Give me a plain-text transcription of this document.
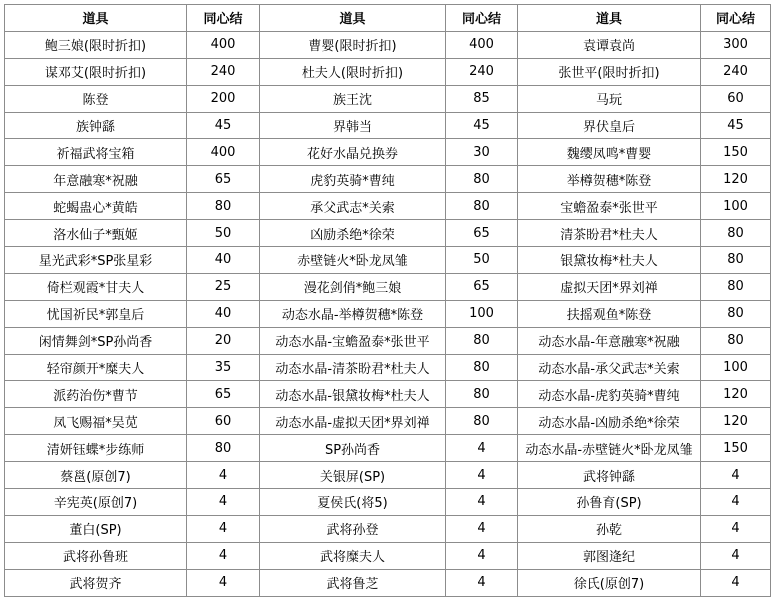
道具	同心结	道具	同心结	道具	同心结
鲍三娘(限时折扣)	400	曹婴(限时折扣)	400	袁谭袁尚	300
谋邓艾(限时折扣)	240	杜夫人(限时折扣)	240	张世平(限时折扣)	240
陈登	200	族王沈	85	马玩	60
族钟繇	45	界韩当	45	界伏皇后	45
祈福武将宝箱	400	花好水晶兑换券	30	魏缨凤鸣*曹婴	150
年意融寒*祝融	65	虎豹英骑*曹纯	80	举樽贺穗*陈登	120
蛇蝎蛊心*黄皓	80	承父武志*关索	80	宝蟾盈泰*张世平	100
洛水仙子*甄姬	50	凶励杀绝*徐荣	65	清茶盼君*杜夫人	80
星光武彩*SP张星彩	40	赤壁链火*卧龙凤雏	50	银黛妆梅*杜夫人	80
倚栏观霞*甘夫人	25	漫花剑俏*鲍三娘	65	虚拟天团*界刘禅	80
忧国祈民*郭皇后	40	动态水晶-举樽贺穗*陈登	100	扶摇观鱼*陈登	80
闲情舞剑*SP孙尚香	20	动态水晶-宝蟾盈泰*张世平	80	动态水晶-年意融寒*祝融	80
轻帘颜开*糜夫人	35	动态水晶-清茶盼君*杜夫人	80	动态水晶-承父武志*关索	100
派药治伤*曹节	65	动态水晶-银黛妆梅*杜夫人	80	动态水晶-虎豹英骑*曹纯	120
凤飞赐福*吴苋	60	动态水晶-虚拟天团*界刘禅	80	动态水晶-凶励杀绝*徐荣	120
清妍钰蝶*步练师	80	SP孙尚香	4	动态水晶-赤壁链火*卧龙凤雏	150
蔡邕(原创7)	4	关银屏(SP)	4	武将钟繇	4
辛宪英(原创7)	4	夏侯氏(将5)	4	孙鲁育(SP)	4
董白(SP)	4	武将孙登	4	孙乾	4
武将孙鲁班	4	武将糜夫人	4	郭图逄纪	4
武将贺齐	4	武将鲁芝	4	徐氏(原创7)	4
